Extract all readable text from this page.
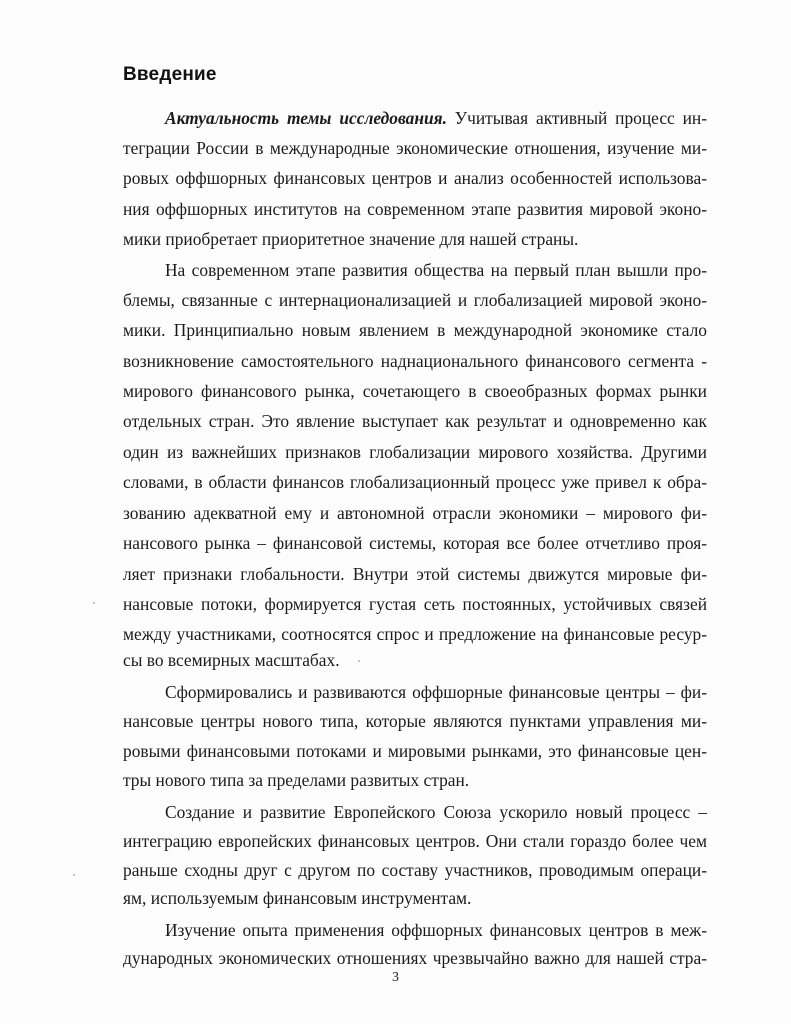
Введение
Актуальность темы исследования. Учитывая активный процесс ин-
теграции России в международные экономические отношения, изучение ми-
ровых оффшорных финансовых центров и анализ особенностей использова-
ния оффшорных институтов на современном этапе развития мировой эконо-
мики приобретает приоритетное значение для нашей страны.
На современном этапе развития общества на первый план вышли про-
блемы, связанные с интернационализацией и глобализацией мировой эконо-
мики. Принципиально новым явлением в международной экономике стало
возникновение самостоятельного наднационального финансового сегмента -
мирового финансового рынка, сочетающего в своеобразных формах рынки
отдельных стран. Это явление выступает как результат и одновременно как
один из важнейших признаков глобализации мирового хозяйства. Другими
словами, в области финансов глобализационный процесс уже привел к обра-
зованию адекватной ему и автономной отрасли экономики – мирового фи-
нансового рынка – финансовой системы, которая все более отчетливо проя-
ляет признаки глобальности. Внутри этой системы движутся мировые фи-
нансовые потоки, формируется густая сеть постоянных, устойчивых связей
между участниками, соотносятся спрос и предложение на финансовые ресур-
сы во всемирных масштабах.
Сформировались и развиваются оффшорные финансовые центры – фи-
нансовые центры нового типа, которые являются пунктами управления ми-
ровыми финансовыми потоками и мировыми рынками, это финансовые цен-
тры нового типа за пределами развитых стран.
Создание и развитие Европейского Союза ускорило новый процесс –
интеграцию европейских финансовых центров. Они стали гораздо более чем
раньше сходны друг с другом по составу участников, проводимым операци-
ям, используемым финансовым инструментам.
Изучение опыта применения оффшорных финансовых центров в меж-
дународных экономических отношениях чрезвычайно важно для нашей стра-
3
